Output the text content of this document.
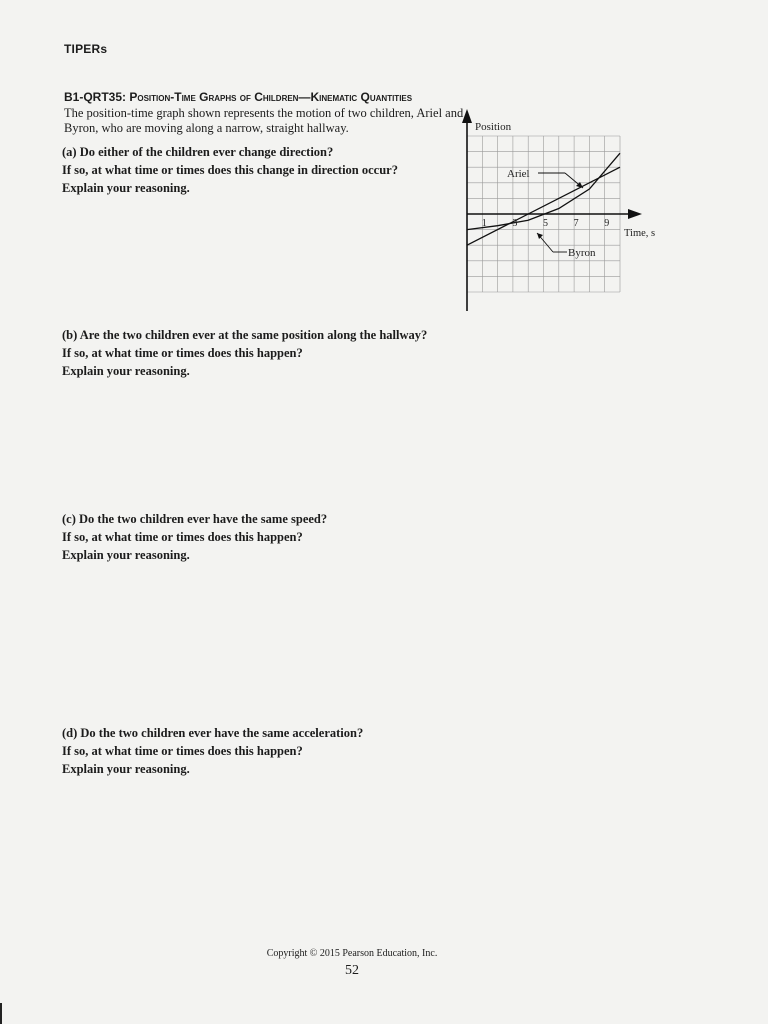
TIPERs
B1-QRT35: Position-Time Graphs of Children—Kinematic Quantities
The position-time graph shown represents the motion of two children, Ariel and Byron, who are moving along a narrow, straight hallway.
(a) Do either of the children ever change direction?
If so, at what time or times does this change in direction occur?
Explain your reasoning.
(b) Are the two children ever at the same position along the hallway?
If so, at what time or times does this happen?
Explain your reasoning.
(c) Do the two children ever have the same speed?
If so, at what time or times does this happen?
Explain your reasoning.
(d) Do the two children ever have the same acceleration?
If so, at what time or times does this happen?
Explain your reasoning.
1	3	5	7	9
Position
Time, s
Ariel
Byron
Copyright © 2015 Pearson Education, Inc.
52
